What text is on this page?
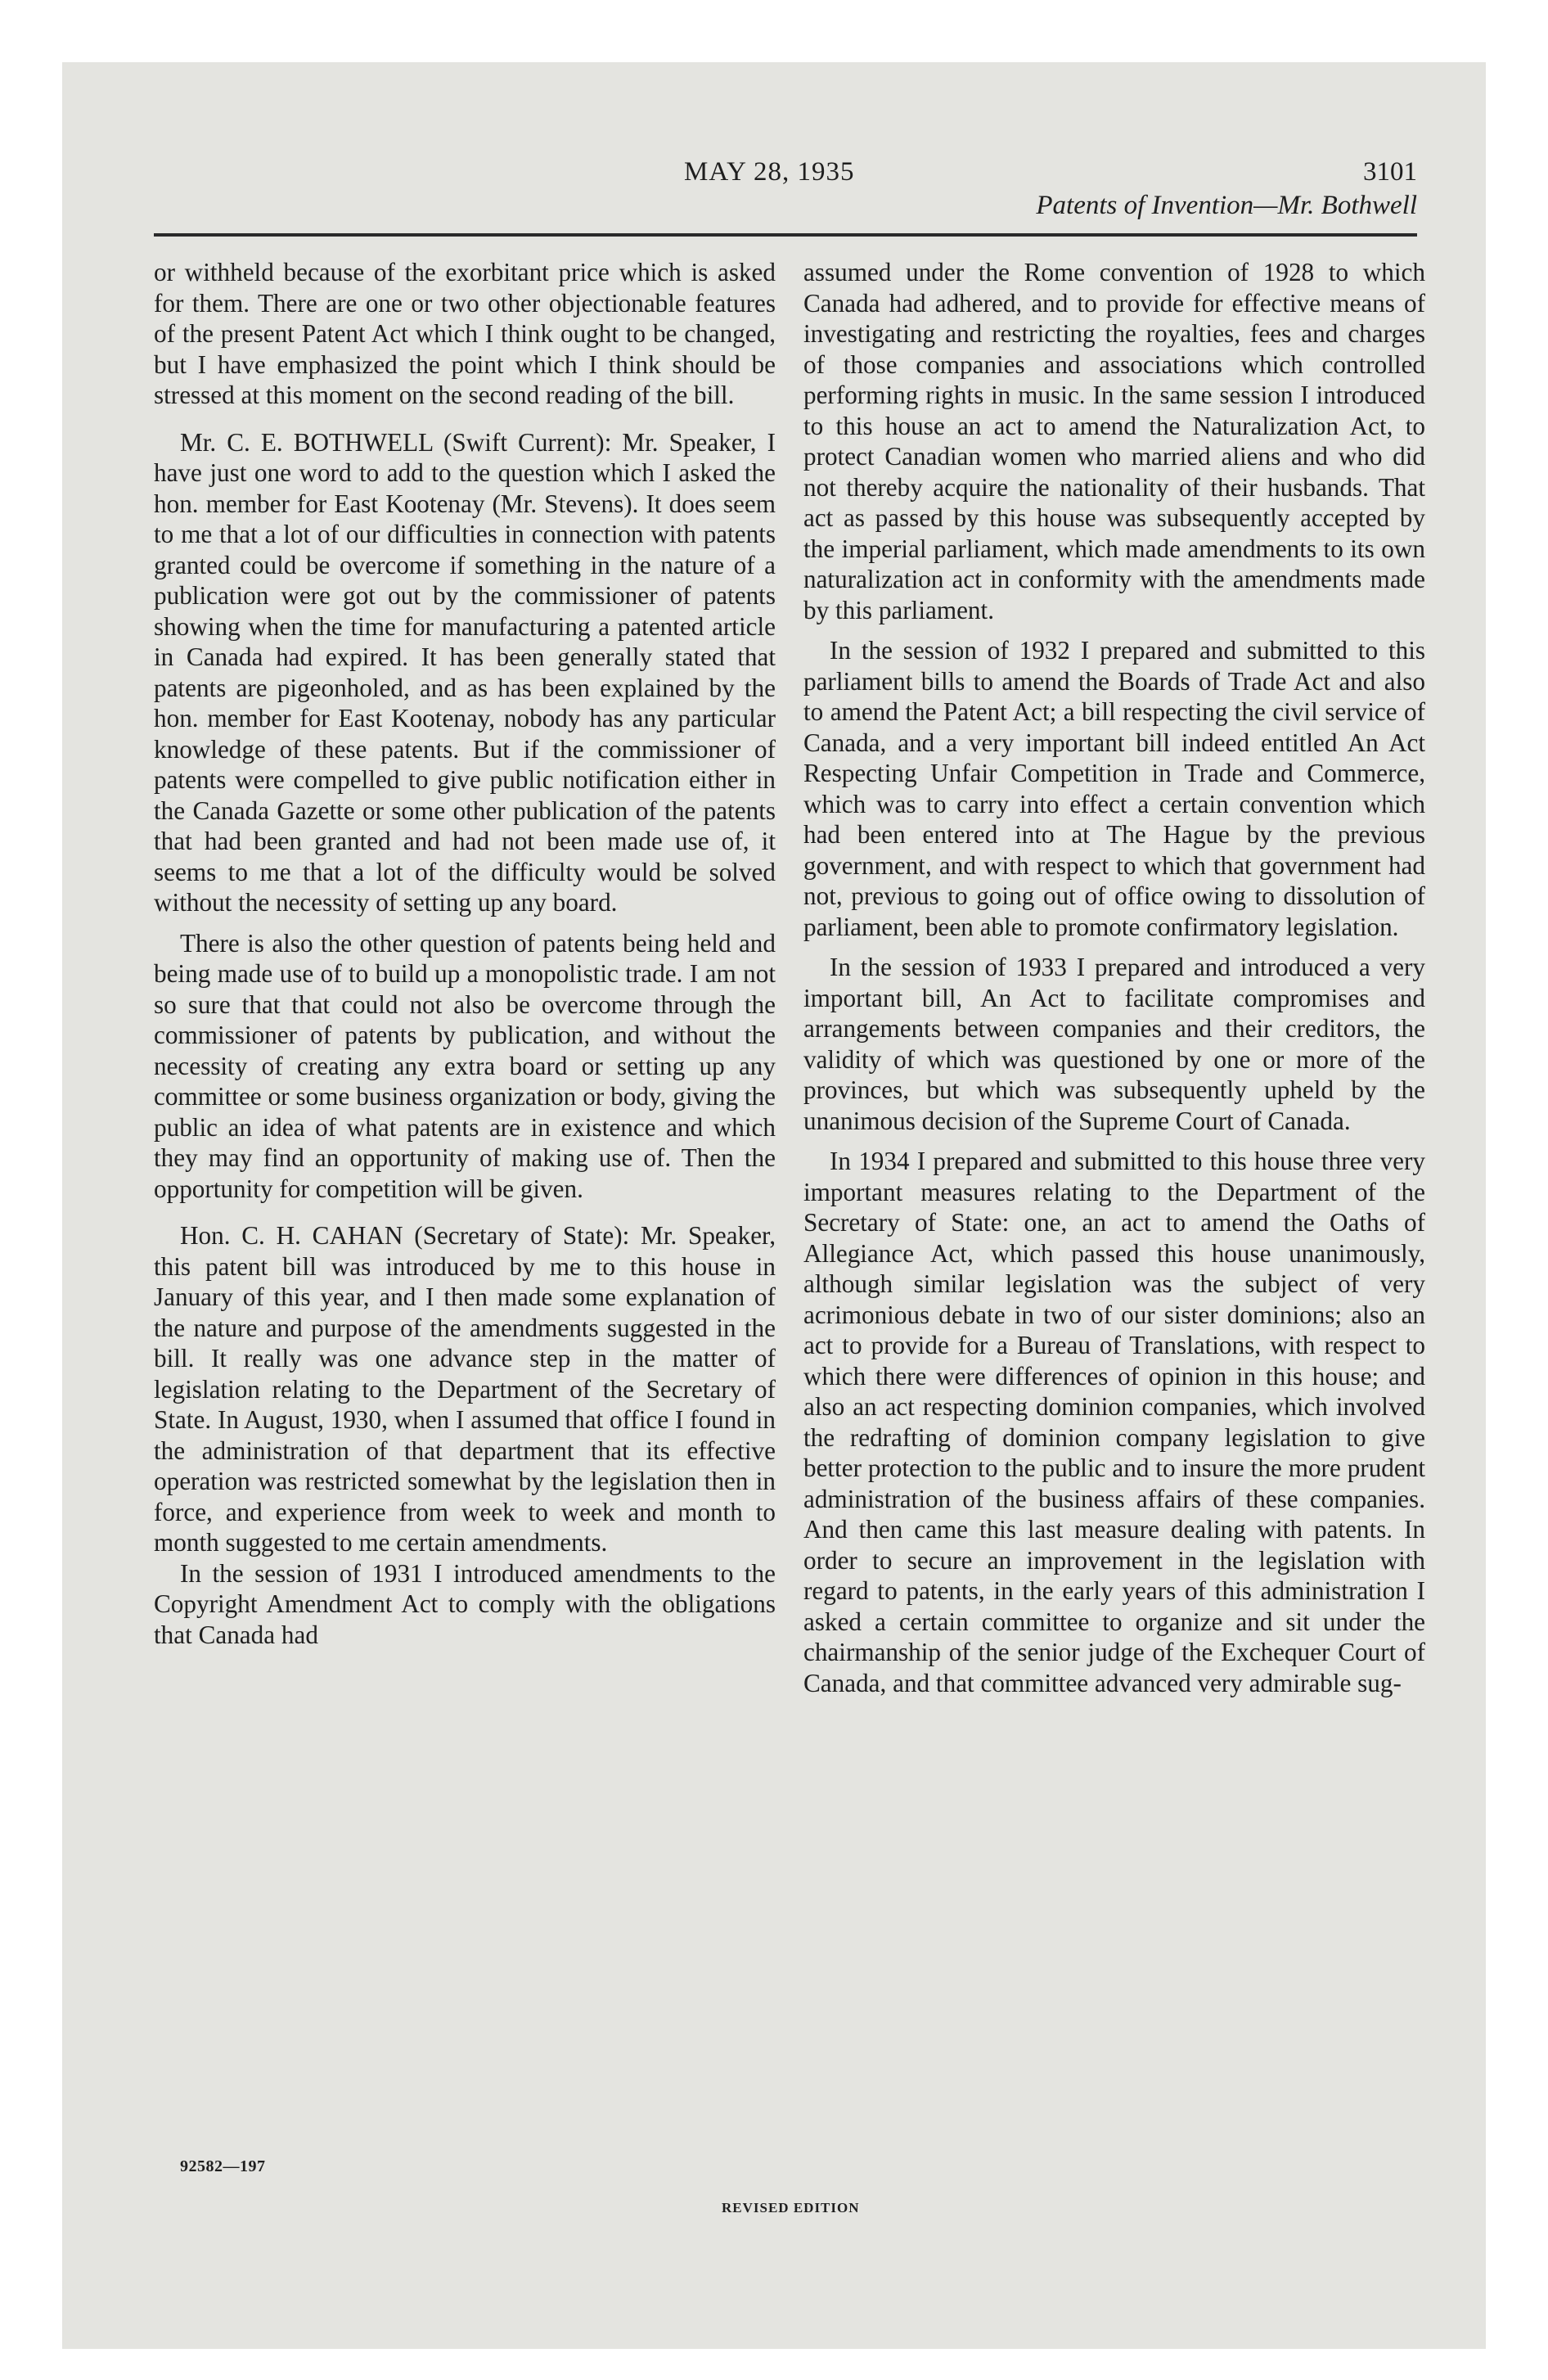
MAY 28, 1935	3101
Patents of Invention—Mr. Bothwell

or withheld because of the exorbitant price which is asked for them. There are one or two other objectionable features of the present Patent Act which I think ought to be changed, but I have emphasized the point which I think should be stressed at this moment on the second reading of the bill.

Mr. C. E. BOTHWELL (Swift Current): Mr. Speaker, I have just one word to add to the question which I asked the hon. member for East Kootenay (Mr. Stevens). It does seem to me that a lot of our difficulties in connection with patents granted could be overcome if something in the nature of a publication were got out by the commissioner of patents showing when the time for manufacturing a patented article in Canada had expired. It has been generally stated that patents are pigeonholed, and as has been explained by the hon. member for East Kootenay, nobody has any particular knowledge of these patents. But if the commissioner of patents were compelled to give public notification either in the Canada Gazette or some other publication of the patents that had been granted and had not been made use of, it seems to me that a lot of the difficulty would be solved without the necessity of setting up any board.

There is also the other question of patents being held and being made use of to build up a monopolistic trade. I am not so sure that that could not also be overcome through the commissioner of patents by publication, and without the necessity of creating any extra board or setting up any committee or some business organization or body, giving the public an idea of what patents are in existence and which they may find an opportunity of making use of. Then the opportunity for competition will be given.

Hon. C. H. CAHAN (Secretary of State): Mr. Speaker, this patent bill was introduced by me to this house in January of this year, and I then made some explanation of the nature and purpose of the amendments suggested in the bill. It really was one advance step in the matter of legislation relating to the Department of the Secretary of State. In August, 1930, when I assumed that office I found in the administration of that department that its effective operation was restricted somewhat by the legislation then in force, and experience from week to week and month to month suggested to me certain amendments.

In the session of 1931 I introduced amendments to the Copyright Amendment Act to comply with the obligations that Canada had

assumed under the Rome convention of 1928 to which Canada had adhered, and to provide for effective means of investigating and restricting the royalties, fees and charges of those companies and associations which controlled performing rights in music. In the same session I introduced to this house an act to amend the Naturalization Act, to protect Canadian women who married aliens and who did not thereby acquire the nationality of their husbands. That act as passed by this house was subsequently accepted by the imperial parliament, which made amendments to its own naturalization act in conformity with the amendments made by this parliament.

In the session of 1932 I prepared and submitted to this parliament bills to amend the Boards of Trade Act and also to amend the Patent Act; a bill respecting the civil service of Canada, and a very important bill indeed entitled An Act Respecting Unfair Competition in Trade and Commerce, which was to carry into effect a certain convention which had been entered into at The Hague by the previous government, and with respect to which that government had not, previous to going out of office owing to dissolution of parliament, been able to promote confirmatory legislation.

In the session of 1933 I prepared and introduced a very important bill, An Act to facilitate compromises and arrangements between companies and their creditors, the validity of which was questioned by one or more of the provinces, but which was subsequently upheld by the unanimous decision of the Supreme Court of Canada.

In 1934 I prepared and submitted to this house three very important measures relating to the Department of the Secretary of State: one, an act to amend the Oaths of Allegiance Act, which passed this house unanimously, although similar legislation was the subject of very acrimonious debate in two of our sister dominions; also an act to provide for a Bureau of Translations, with respect to which there were differences of opinion in this house; and also an act respecting dominion companies, which involved the redrafting of dominion company legislation to give better protection to the public and to insure the more prudent administration of the business affairs of these companies. And then came this last measure dealing with patents. In order to secure an improvement in the legislation with regard to patents, in the early years of this administration I asked a certain committee to organize and sit under the chairmanship of the senior judge of the Exchequer Court of Canada, and that committee advanced very admirable sug-

92582—197
REVISED EDITION
